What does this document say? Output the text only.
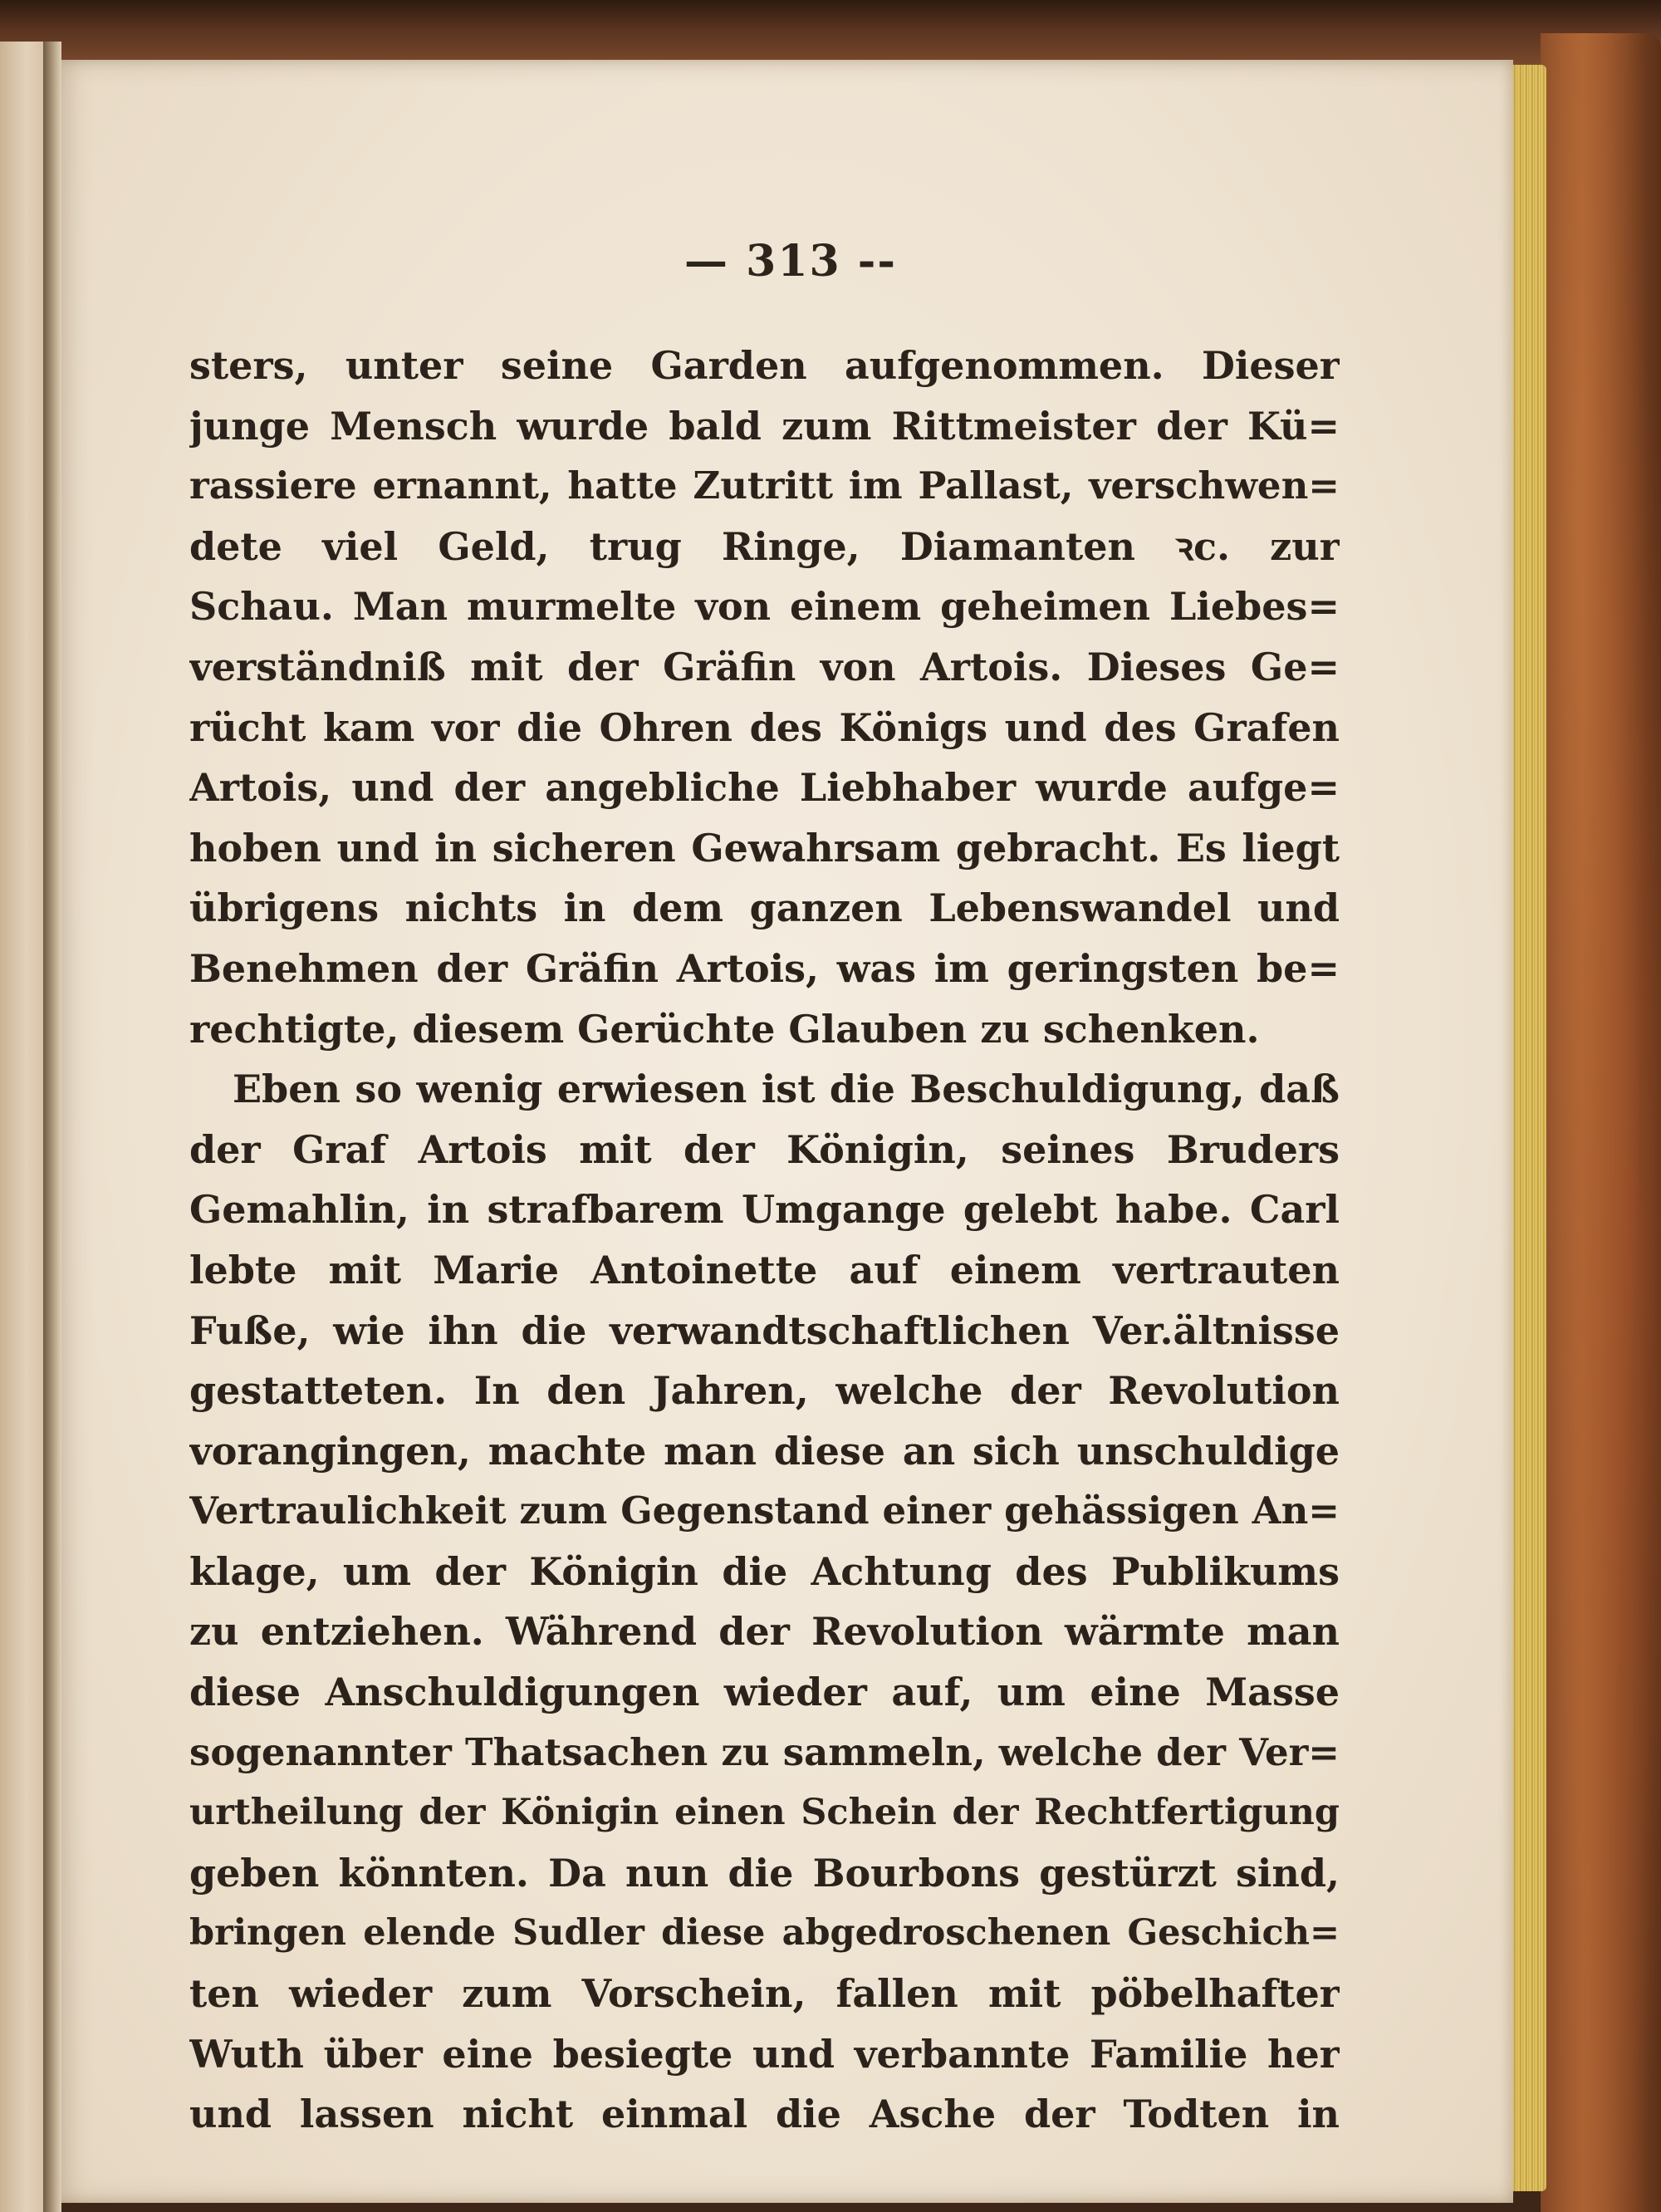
— 313 --
sters, unter seine Garden aufgenommen. Dieser
junge Mensch wurde bald zum Rittmeister der Kü=
rassiere ernannt, hatte Zutritt im Pallast, verschwen=
dete viel Geld, trug Ringe, Diamanten ꝛc. zur
Schau. Man murmelte von einem geheimen Liebes=
verständniß mit der Gräfin von Artois. Dieses Ge=
rücht kam vor die Ohren des Königs und des Grafen
Artois, und der angebliche Liebhaber wurde aufge=
hoben und in sicheren Gewahrsam gebracht. Es liegt
übrigens nichts in dem ganzen Lebenswandel und
Benehmen der Gräfin Artois, was im geringsten be=
rechtigte, diesem Gerüchte Glauben zu schenken.
Eben so wenig erwiesen ist die Beschuldigung, daß
der Graf Artois mit der Königin, seines Bruders
Gemahlin, in strafbarem Umgange gelebt habe. Carl
lebte mit Marie Antoinette auf einem vertrauten
Fuße, wie ihn die verwandtschaftlichen Ver.ältnisse
gestatteten. In den Jahren, welche der Revolution
vorangingen, machte man diese an sich unschuldige
Vertraulichkeit zum Gegenstand einer gehässigen An=
klage, um der Königin die Achtung des Publikums
zu entziehen. Während der Revolution wärmte man
diese Anschuldigungen wieder auf, um eine Masse
sogenannter Thatsachen zu sammeln, welche der Ver=
urtheilung der Königin einen Schein der Rechtfertigung
geben könnten. Da nun die Bourbons gestürzt sind,
bringen elende Sudler diese abgedroschenen Geschich=
ten wieder zum Vorschein, fallen mit pöbelhafter
Wuth über eine besiegte und verbannte Familie her
und lassen nicht einmal die Asche der Todten in
